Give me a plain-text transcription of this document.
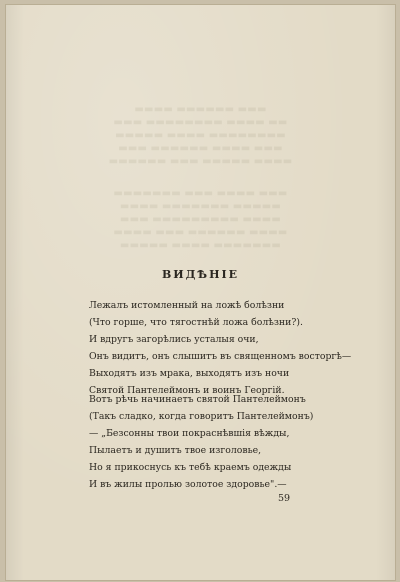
▬▬▬▬ ▬▬▬▬▬▬ ▬▬▬
▬▬▬ ▬▬▬▬▬▬▬▬ ▬▬▬▬ ▬▬
▬▬▬▬▬ ▬▬▬▬ ▬▬▬▬▬▬▬▬
▬▬▬ ▬▬▬▬▬▬ ▬▬▬▬ ▬▬▬
▬▬▬▬▬▬ ▬▬▬ ▬▬▬▬▬ ▬▬▬▬
▬▬▬▬▬▬▬ ▬▬▬ ▬▬▬▬ ▬▬▬
▬▬▬▬ ▬▬▬▬▬▬▬ ▬▬▬▬▬
▬▬▬ ▬▬▬▬▬▬▬▬▬ ▬▬▬▬
▬▬▬▬ ▬▬▬ ▬▬▬▬▬▬ ▬▬▬▬
▬▬▬▬▬ ▬▬▬▬ ▬▬▬▬▬▬▬
ВИДѢНІЕ
Лежалъ истомленный на ложѣ болѣзни
(Что горше, что тягостнѣй ложа болѣзни?).
И вдругъ загорѣлись усталыя очи,
Онъ видитъ, онъ слышитъ въ священномъ восторгѣ—
Выходятъ изъ мрака, выходятъ изъ ночи
Святой Пантелеймонъ и воинъ Георгій.
Вотъ рѣчь начинаетъ святой Пантелеймонъ
(Такъ сладко, когда говоритъ Пантелеймонъ)
— „Безсонны твои покраснѣвшія вѣжды,
Пылаетъ и душитъ твое изголовье,
Но я прикоснусь къ тебѣ краемъ одежды
И въ жилы пролью золотое здоровье".—
59
